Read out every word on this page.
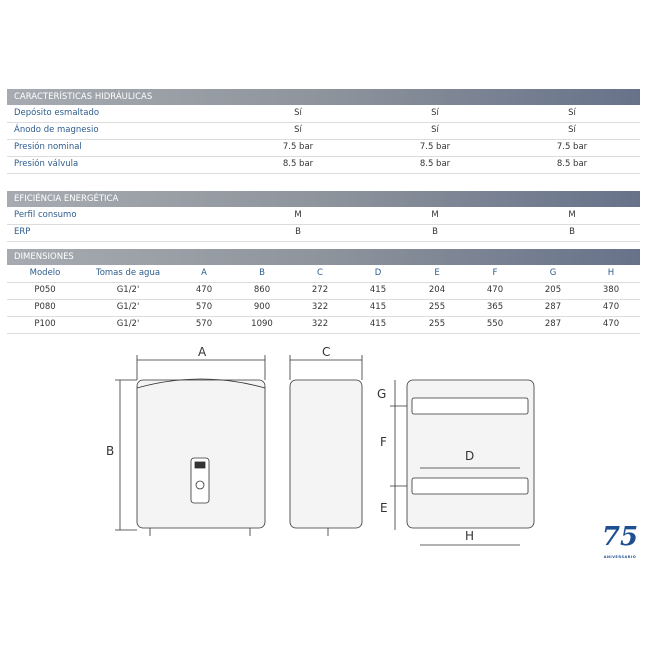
CARACTERÍSTICAS HIDRÁULICAS
Depósito esmaltado	Sí	Sí	Sí
Ánodo de magnesio	Sí	Sí	Sí
Presión nominal	7.5 bar	7.5 bar	7.5 bar
Presión válvula	8.5 bar	8.5 bar	8.5 bar
EFICIÉNCIA ENERGÉTICA
Perfil consumo	M	M	M
ERP	B	B	B
DIMENSIONES
Modelo	Tomas de agua	A	B	C	D	E	F	G	H
P050	G1/2'	470	860	272	415	204	470	205	380
P080	G1/2'	570	900	322	415	255	365	287	470
P100	G1/2'	570	1090	322	415	255	550	287	470
A
B
C
G
F
E
D
H	75
ANIVERSARIO
